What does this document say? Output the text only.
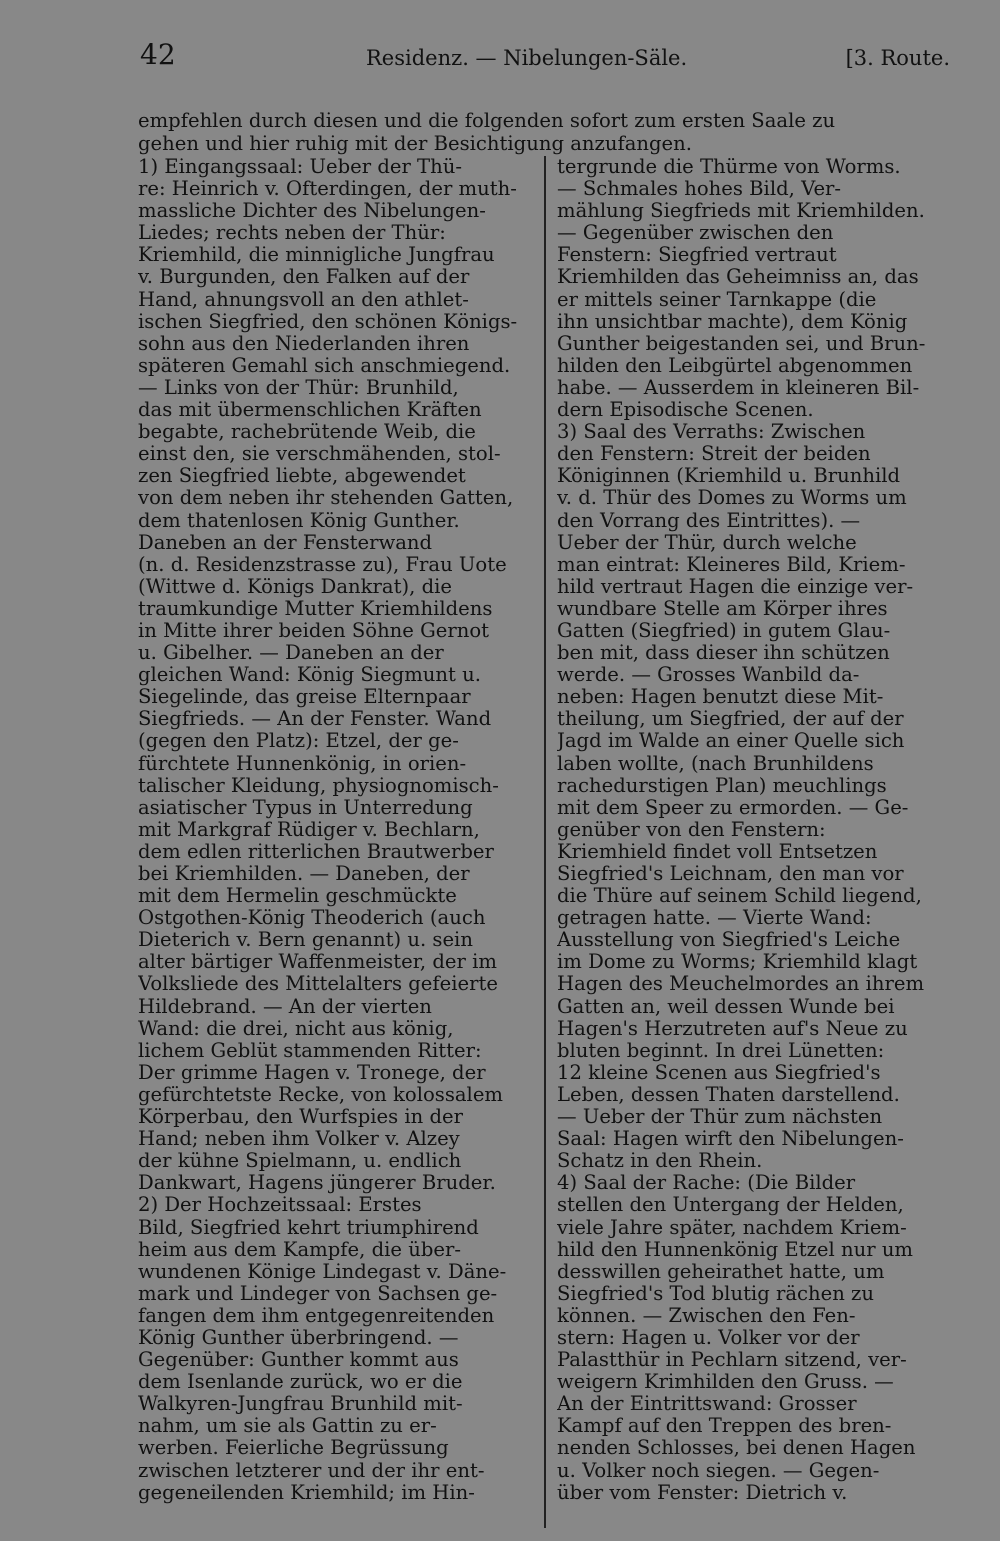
42	Residenz. — Nibelungen-Säle.	[3. Route.
empfehlen durch diesen und die folgenden sofort zum ersten Saale zu
gehen und hier ruhig mit der Besichtigung anzufangen.
1) Eingangssaal: Ueber der Thü-
re: Heinrich v. Ofterdingen, der muth-
massliche Dichter des Nibelungen-
Liedes; rechts neben der Thür:
Kriemhild, die minnigliche Jungfrau
v. Burgunden, den Falken auf der
Hand, ahnungsvoll an den athlet-
ischen Siegfried, den schönen Königs-
sohn aus den Niederlanden ihren
späteren Gemahl sich anschmiegend.
— Links von der Thür: Brunhild,
das mit übermenschlichen Kräften
begabte, rachebrütende Weib, die
einst den, sie verschmähenden, stol-
zen Siegfried liebte, abgewendet
von dem neben ihr stehenden Gatten,
dem thatenlosen König Gunther.
Daneben an der Fensterwand
(n. d. Residenzstrasse zu), Frau Uote
(Wittwe d. Königs Dankrat), die
traumkundige Mutter Kriemhildens
in Mitte ihrer beiden Söhne Gernot
u. Gibelher. — Daneben an der
gleichen Wand: König Siegmunt u.
Siegelinde, das greise Elternpaar
Siegfrieds. — An der Fenster. Wand
(gegen den Platz): Etzel, der ge-
fürchtete Hunnenkönig, in orien-
talischer Kleidung, physiognomisch-
asiatischer Typus in Unterredung
mit Markgraf Rüdiger v. Bechlarn,
dem edlen ritterlichen Brautwerber
bei Kriemhilden. — Daneben, der
mit dem Hermelin geschmückte
Ostgothen-König Theoderich (auch
Dieterich v. Bern genannt) u. sein
alter bärtiger Waffenmeister, der im
Volksliede des Mittelalters gefeierte
Hildebrand. — An der vierten
Wand: die drei, nicht aus könig,
lichem Geblüt stammenden Ritter:
Der grimme Hagen v. Tronege, der
gefürchtetste Recke, von kolossalem
Körperbau, den Wurfspies in der
Hand; neben ihm Volker v. Alzey
der kühne Spielmann, u. endlich
Dankwart, Hagens jüngerer Bruder.
2) Der Hochzeitssaal: Erstes
Bild, Siegfried kehrt triumphirend
heim aus dem Kampfe, die über-
wundenen Könige Lindegast v. Däne-
mark und Lindeger von Sachsen ge-
fangen dem ihm entgegenreitenden
König Gunther überbringend. —
Gegenüber: Gunther kommt aus
dem Isenlande zurück, wo er die
Walkyren-Jungfrau Brunhild mit-
nahm, um sie als Gattin zu er-
werben. Feierliche Begrüssung
zwischen letzterer und der ihr ent-
gegeneilenden Kriemhild; im Hin-
tergrunde die Thürme von Worms.
— Schmales hohes Bild, Ver-
mählung Siegfrieds mit Kriemhilden.
— Gegenüber zwischen den
Fenstern: Siegfried vertraut
Kriemhilden das Geheimniss an, das
er mittels seiner Tarnkappe (die
ihn unsichtbar machte), dem König
Gunther beigestanden sei, und Brun-
hilden den Leibgürtel abgenommen
habe. — Ausserdem in kleineren Bil-
dern Episodische Scenen.
3) Saal des Verraths: Zwischen
den Fenstern: Streit der beiden
Königinnen (Kriemhild u. Brunhild
v. d. Thür des Domes zu Worms um
den Vorrang des Eintrittes). —
Ueber der Thür, durch welche
man eintrat: Kleineres Bild, Kriem-
hild vertraut Hagen die einzige ver-
wundbare Stelle am Körper ihres
Gatten (Siegfried) in gutem Glau-
ben mit, dass dieser ihn schützen
werde. — Grosses Wanbild da-
neben: Hagen benutzt diese Mit-
theilung, um Siegfried, der auf der
Jagd im Walde an einer Quelle sich
laben wollte, (nach Brunhildens
rachedurstigen Plan) meuchlings
mit dem Speer zu ermorden. — Ge-
genüber von den Fenstern:
Kriemhield findet voll Entsetzen
Siegfried's Leichnam, den man vor
die Thüre auf seinem Schild liegend,
getragen hatte. — Vierte Wand:
Ausstellung von Siegfried's Leiche
im Dome zu Worms; Kriemhild klagt
Hagen des Meuchelmordes an ihrem
Gatten an, weil dessen Wunde bei
Hagen's Herzutreten auf's Neue zu
bluten beginnt. In drei Lünetten:
12 kleine Scenen aus Siegfried's
Leben, dessen Thaten darstellend.
— Ueber der Thür zum nächsten
Saal: Hagen wirft den Nibelungen-
Schatz in den Rhein.
4) Saal der Rache: (Die Bilder
stellen den Untergang der Helden,
viele Jahre später, nachdem Kriem-
hild den Hunnenkönig Etzel nur um
desswillen geheirathet hatte, um
Siegfried's Tod blutig rächen zu
können. — Zwischen den Fen-
stern: Hagen u. Volker vor der
Palastthür in Pechlarn sitzend, ver-
weigern Krimhilden den Gruss. —
An der Eintrittswand: Grosser
Kampf auf den Treppen des bren-
nenden Schlosses, bei denen Hagen
u. Volker noch siegen. — Gegen-
über vom Fenster: Dietrich v.
